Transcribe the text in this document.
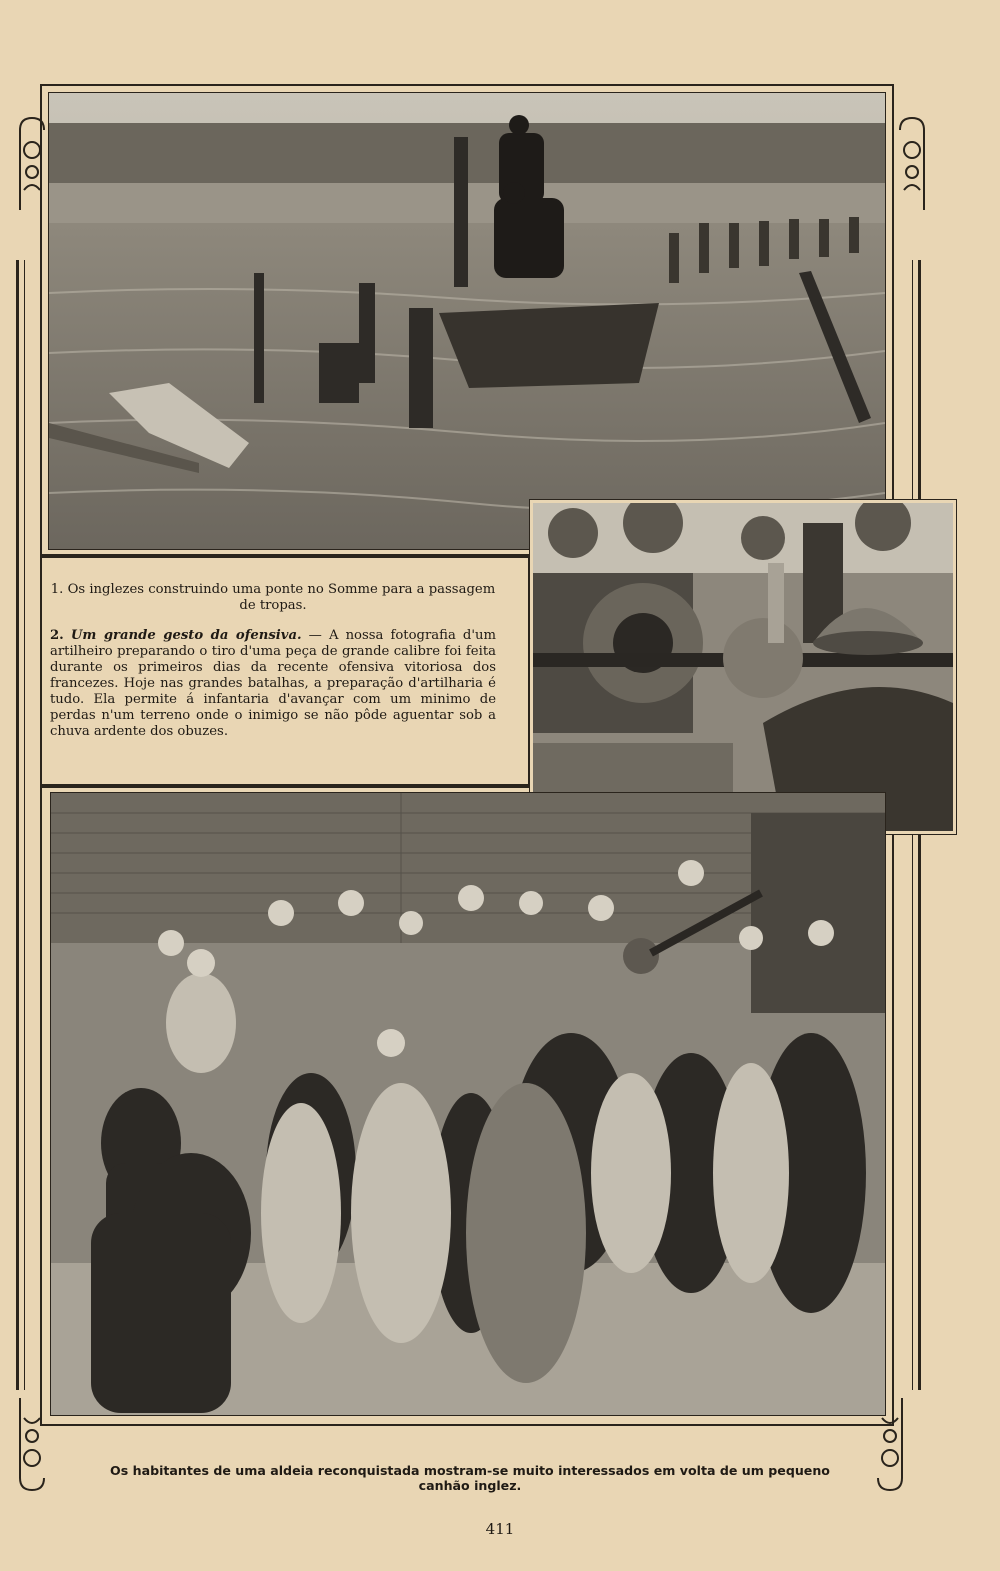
1. Os inglezes construindo uma ponte no Somme para a passagem de tropas.

2. Um grande gesto da ofensiva. — A nossa fotografia d'um artilheiro preparando o tiro d'uma peça de grande calibre foi feita durante os primeiros dias da recente ofensiva vitoriosa dos francezes. Hoje nas grandes batalhas, a preparação d'artilharia é tudo. Ela permite á infantaria d'avançar com um minimo de perdas n'um terreno onde o inimigo se não pôde aguentar sob a chuva ardente dos obuzes.

Os habitantes de uma aldeia reconquistada mostram-se muito interessados em volta de um pequeno canhão inglez.
411
